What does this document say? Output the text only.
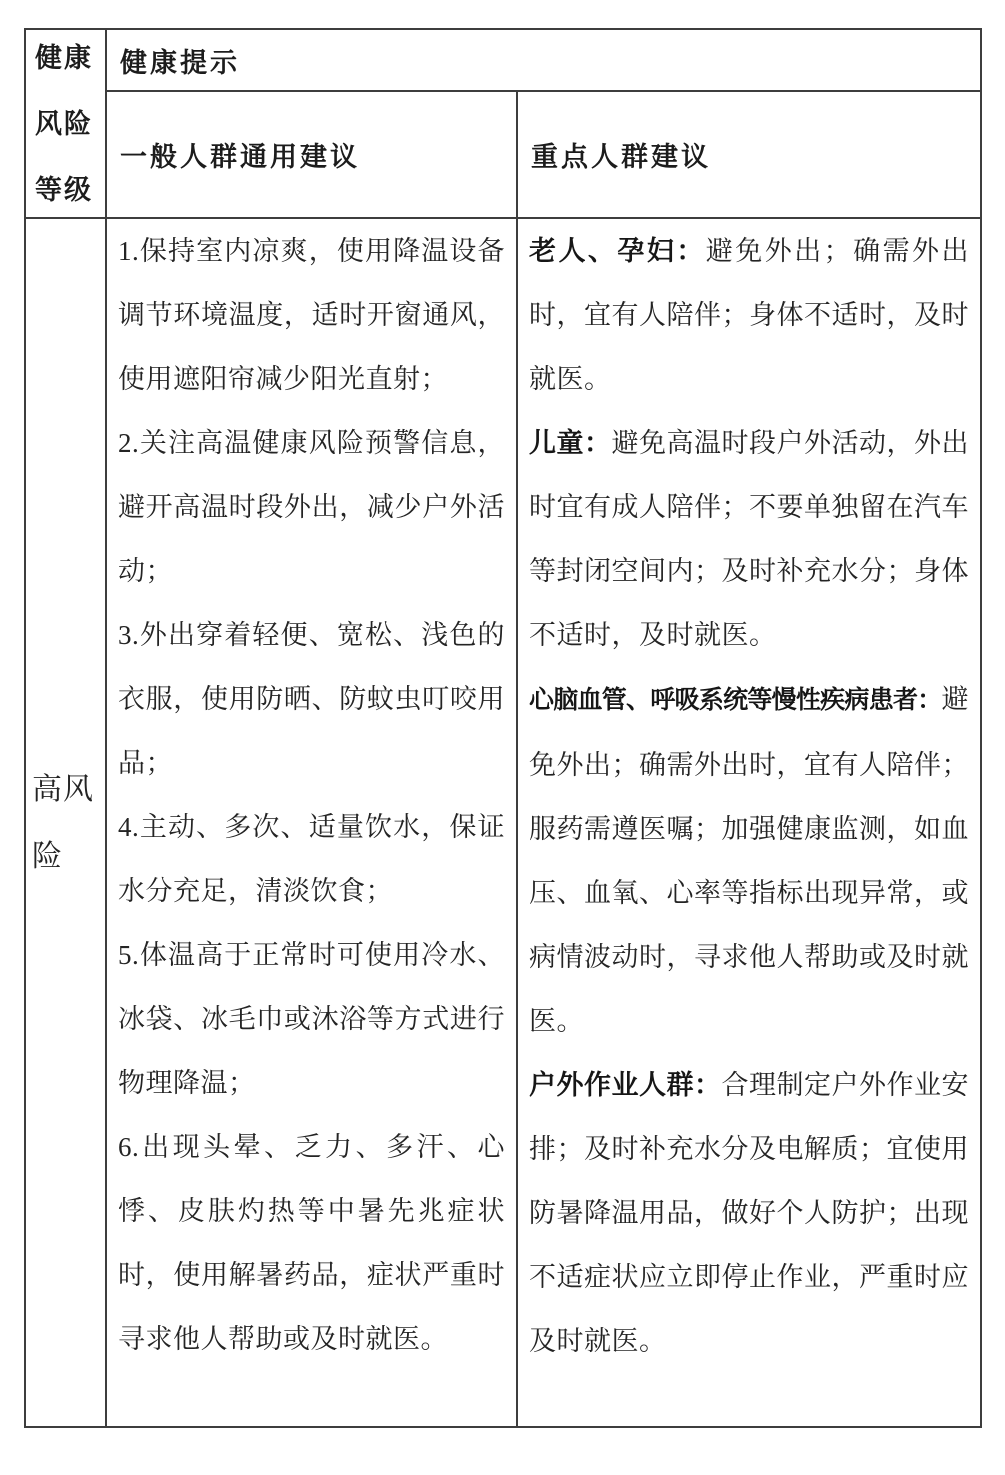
健康风险等级
健康提示
一般人群通用建议	重点人群建议
高风险

1.保持室内凉爽，使用降温设备调节环境温度，适时开窗通风，使用遮阳帘减少阳光直射；

2.关注高温健康风险预警信息，避开高温时段外出，减少户外活动；

3.外出穿着轻便、宽松、浅色的衣服，使用防晒、防蚊虫叮咬用品；

4.主动、多次、适量饮水，保证水分充足，清淡饮食；

5.体温高于正常时可使用冷水、冰袋、冰毛巾或沐浴等方式进行物理降温；

6.出现头晕、乏力、多汗、心悸、皮肤灼热等中暑先兆症状时，使用解暑药品，症状严重时寻求他人帮助或及时就医。

老人、孕妇：避免外出；确需外出时，宜有人陪伴；身体不适时，及时就医。

儿童：避免高温时段户外活动，外出时宜有成人陪伴；不要单独留在汽车等封闭空间内；及时补充水分；身体不适时，及时就医。

心脑血管、呼吸系统等慢性疾病患者：避免外出；确需外出时，宜有人陪伴；服药需遵医嘱；加强健康监测，如血压、血氧、心率等指标出现异常，或病情波动时，寻求他人帮助或及时就医。

户外作业人群：合理制定户外作业安排；及时补充水分及电解质；宜使用防暑降温用品，做好个人防护；出现不适症状应立即停止作业，严重时应及时就医。
